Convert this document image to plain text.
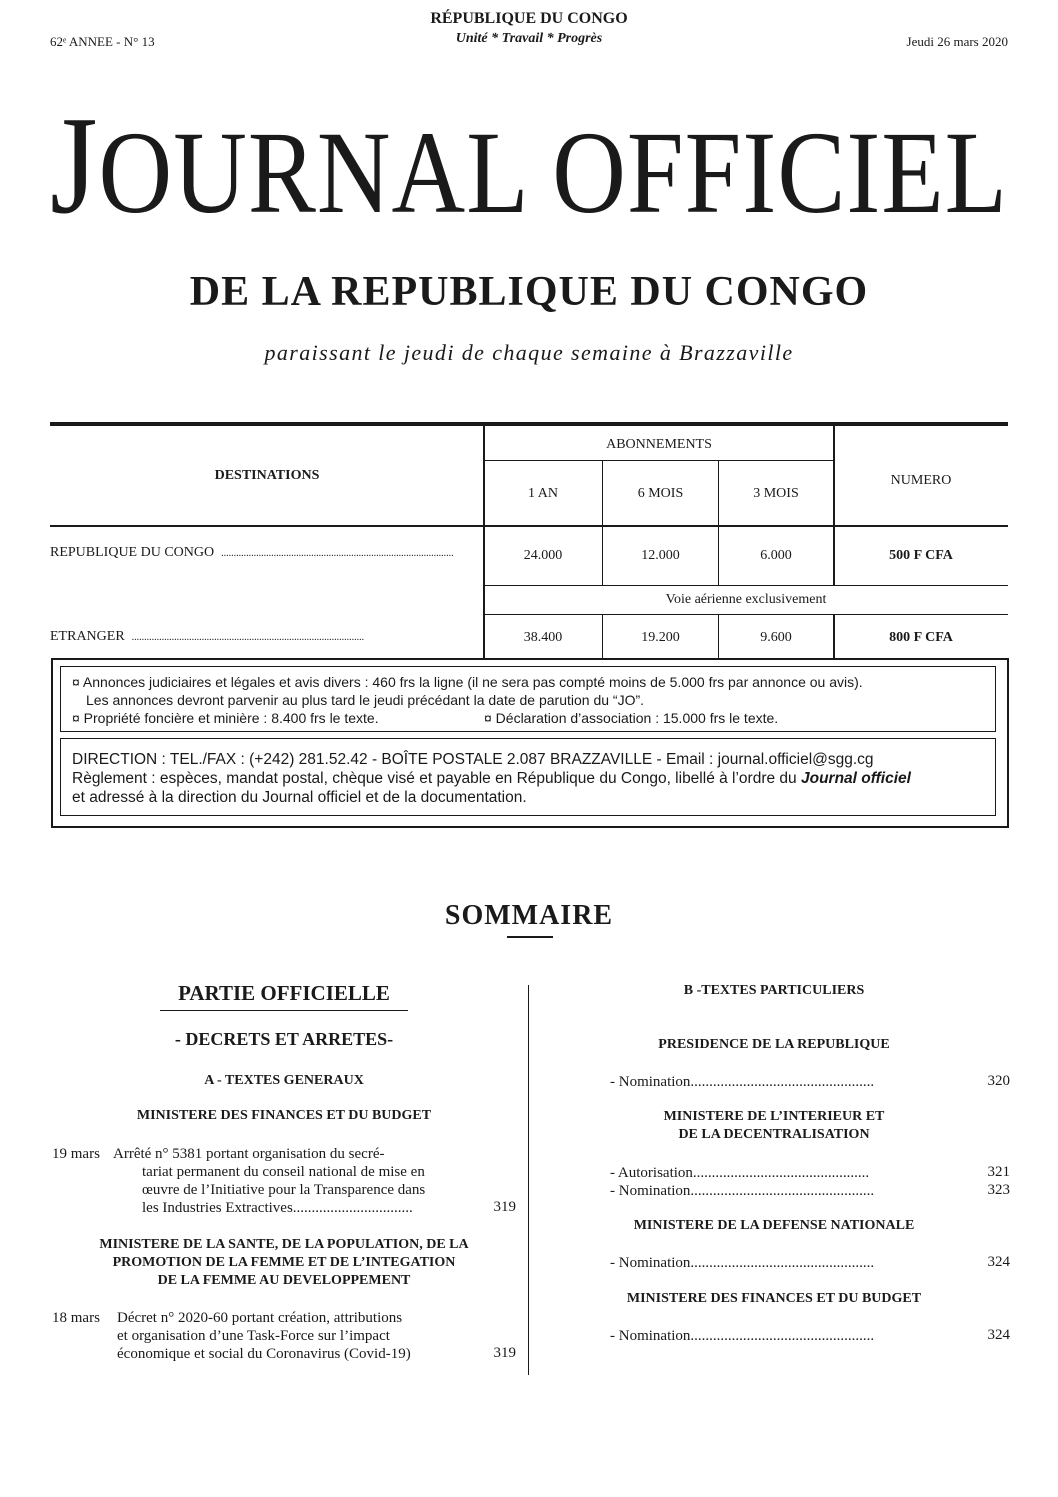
62ᵉ ANNEE - N° 13
RÉPUBLIQUE DU CONGO
Unité * Travail * Progrès	Jeudi 26 mars 2020
JOURNAL OFFICIEL
DE LA REPUBLIQUE DU CONGO
paraissant le jeudi de chaque semaine à Brazzaville
DESTINATIONS
ABONNEMENTS
NUMERO
1 AN	6 MOIS	3 MOIS
REPUBLIQUE DU CONGO .............................................................................................	24.000	12.000	6.000	500 F CFA
Voie aérienne exclusivement
ETRANGER .............................................................................................	38.400	19.200	9.600	800 F CFA
¤ Annonces judiciaires et légales et avis divers : 460 frs la ligne (il ne sera pas compté moins de 5.000 frs par annonce ou avis).
Les annonces devront parvenir au plus tard le jeudi précédant la date de parution du “JO”.
¤ Propriété foncière et minière : 8.400 frs le texte.	¤ Déclaration d’association : 15.000 frs le texte.
DIRECTION : TEL./FAX : (+242) 281.52.42 - BOÎTE POSTALE 2.087 BRAZZAVILLE - Email : journal.officiel@sgg.cg
Règlement : espèces, mandat postal, chèque visé et payable en République du Congo, libellé à l’ordre du Journal officiel
et adressé à la direction du Journal officiel et de la documentation.
SOMMAIRE
PARTIE OFFICIELLE
- DECRETS ET ARRETES-
A - TEXTES GENERAUX
MINISTERE DES FINANCES ET DU BUDGET
19 mars Arrêté n° 5381 portant organisation du secré-
tariat permanent du conseil national de mise en
œuvre de l’Initiative pour la Transparence dans
les Industries Extractives................................	319
MINISTERE DE LA SANTE, DE LA POPULATION, DE LA
PROMOTION DE LA FEMME ET DE L’INTEGATION
DE LA FEMME AU DEVELOPPEMENT
18 mars Décret n° 2020-60 portant création, attributions
et organisation d’une Task-Force sur l’impact
économique et social du Coronavirus (Covid-19)	319
B -TEXTES PARTICULIERS
PRESIDENCE DE LA REPUBLIQUE
- Nomination.................................................	320
MINISTERE DE L’INTERIEUR ET
DE LA DECENTRALISATION
- Autorisation...............................................	321
- Nomination.................................................	323
MINISTERE DE LA DEFENSE NATIONALE
- Nomination.................................................	324
MINISTERE DES FINANCES ET DU BUDGET
- Nomination.................................................	324
